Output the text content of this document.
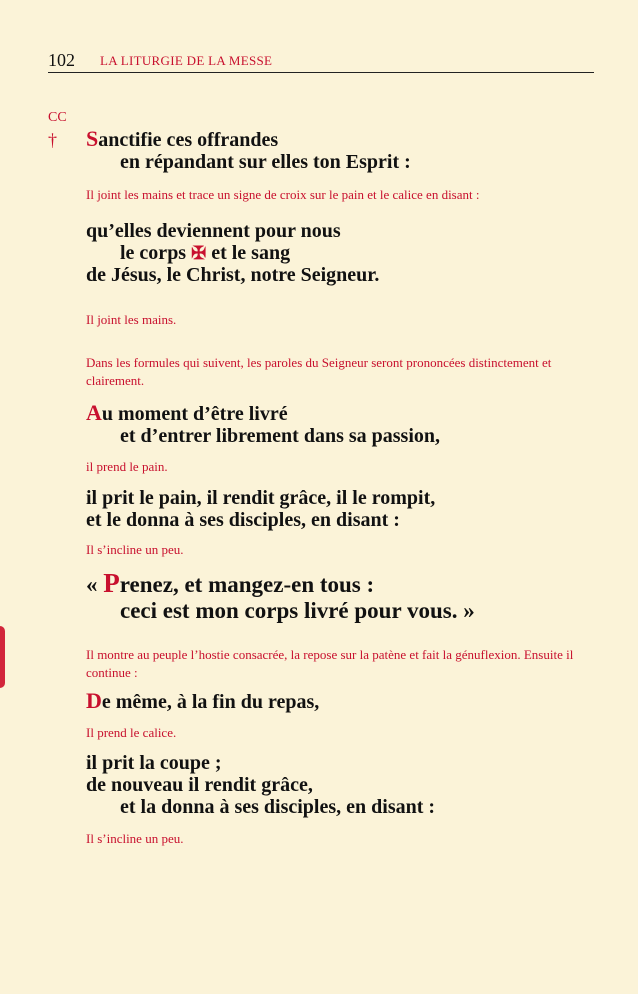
102 LA LITURGIE DE LA MESSE
CC
† Sanctifie ces offrandes
en répandant sur elles ton Esprit :
Il joint les mains et trace un signe de croix sur le pain et le calice en disant :
qu’elles deviennent pour nous
le corps ✠ et le sang
de Jésus, le Christ, notre Seigneur.
Il joint les mains.
Dans les formules qui suivent, les paroles du Seigneur seront prononcées distinctement et clairement.
Au moment d’être livré
et d’entrer librement dans sa passion,
il prend le pain.
il prit le pain, il rendit grâce, il le rompit,
et le donna à ses disciples, en disant :
Il s’incline un peu.
« Prenez, et mangez-en tous :
ceci est mon corps livré pour vous. »
Il montre au peuple l’hostie consacrée, la repose sur la patène et fait la génuflexion. Ensuite il continue :
De même, à la fin du repas,
Il prend le calice.
il prit la coupe ;
de nouveau il rendit grâce,
et la donna à ses disciples, en disant :
Il s’incline un peu.
